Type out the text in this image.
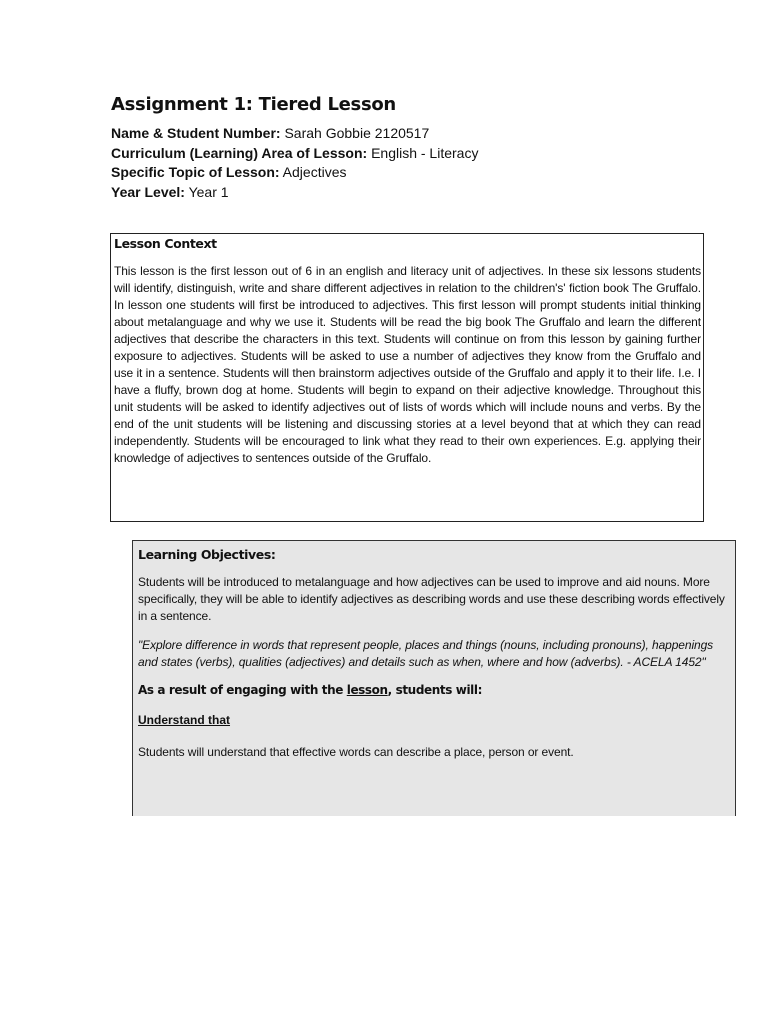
Assignment 1: Tiered Lesson
Name & Student Number: Sarah Gobbie 2120517
Curriculum (Learning) Area of Lesson: English - Literacy
Specific Topic of Lesson: Adjectives
Year Level: Year 1

Lesson Context

This lesson is the first lesson out of 6 in an english and literacy unit of adjectives. In these six lessons students will identify, distinguish, write and share different adjectives in relation to the children's' fiction book The Gruffalo. In lesson one students will first be introduced to adjectives. This first lesson will prompt students initial thinking about metalanguage and why we use it. Students will be read the big book The Gruffalo and learn the different adjectives that describe the characters in this text. Students will continue on from this lesson by gaining further exposure to adjectives. Students will be asked to use a number of adjectives they know from the Gruffalo and use it in a sentence. Students will then brainstorm adjectives outside of the Gruffalo and apply it to their life. I.e. I have a fluffy, brown dog at home. Students will begin to expand on their adjective knowledge. Throughout this unit students will be asked to identify adjectives out of lists of words which will include nouns and verbs. By the end of the unit students will be listening and discussing stories at a level beyond that at which they can read independently. Students will be encouraged to link what they read to their own experiences. E.g. applying their knowledge of adjectives to sentences outside of the Gruffalo.

Learning Objectives:

Students will be introduced to metalanguage and how adjectives can be used to improve and aid nouns. More specifically, they will be able to identify adjectives as describing words and use these describing words effectively in a sentence.

"Explore difference in words that represent people, places and things (nouns, including pronouns), happenings and states (verbs), qualities (adjectives) and details such as when, where and how (adverbs). - ACELA 1452"

As a result of engaging with the lesson, students will:

Understand that

Students will understand that effective words can describe a place, person or event.
